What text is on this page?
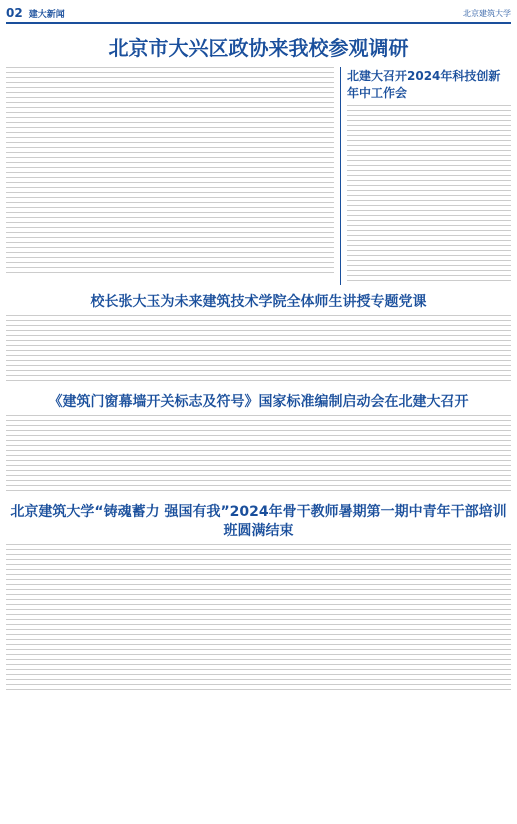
02 建大新闻	北京建筑大学
北京市大兴区政协来我校参观调研
北建大召开2024年科技创新年中工作会
校长张大玉为未来建筑技术学院全体师生讲授专题党课
《建筑门窗幕墙开关标志及符号》国家标准编制启动会在北建大召开
北京建筑大学“铸魂蓄力 强国有我”2024年骨干教师暑期第一期中青年干部培训班圆满结束
